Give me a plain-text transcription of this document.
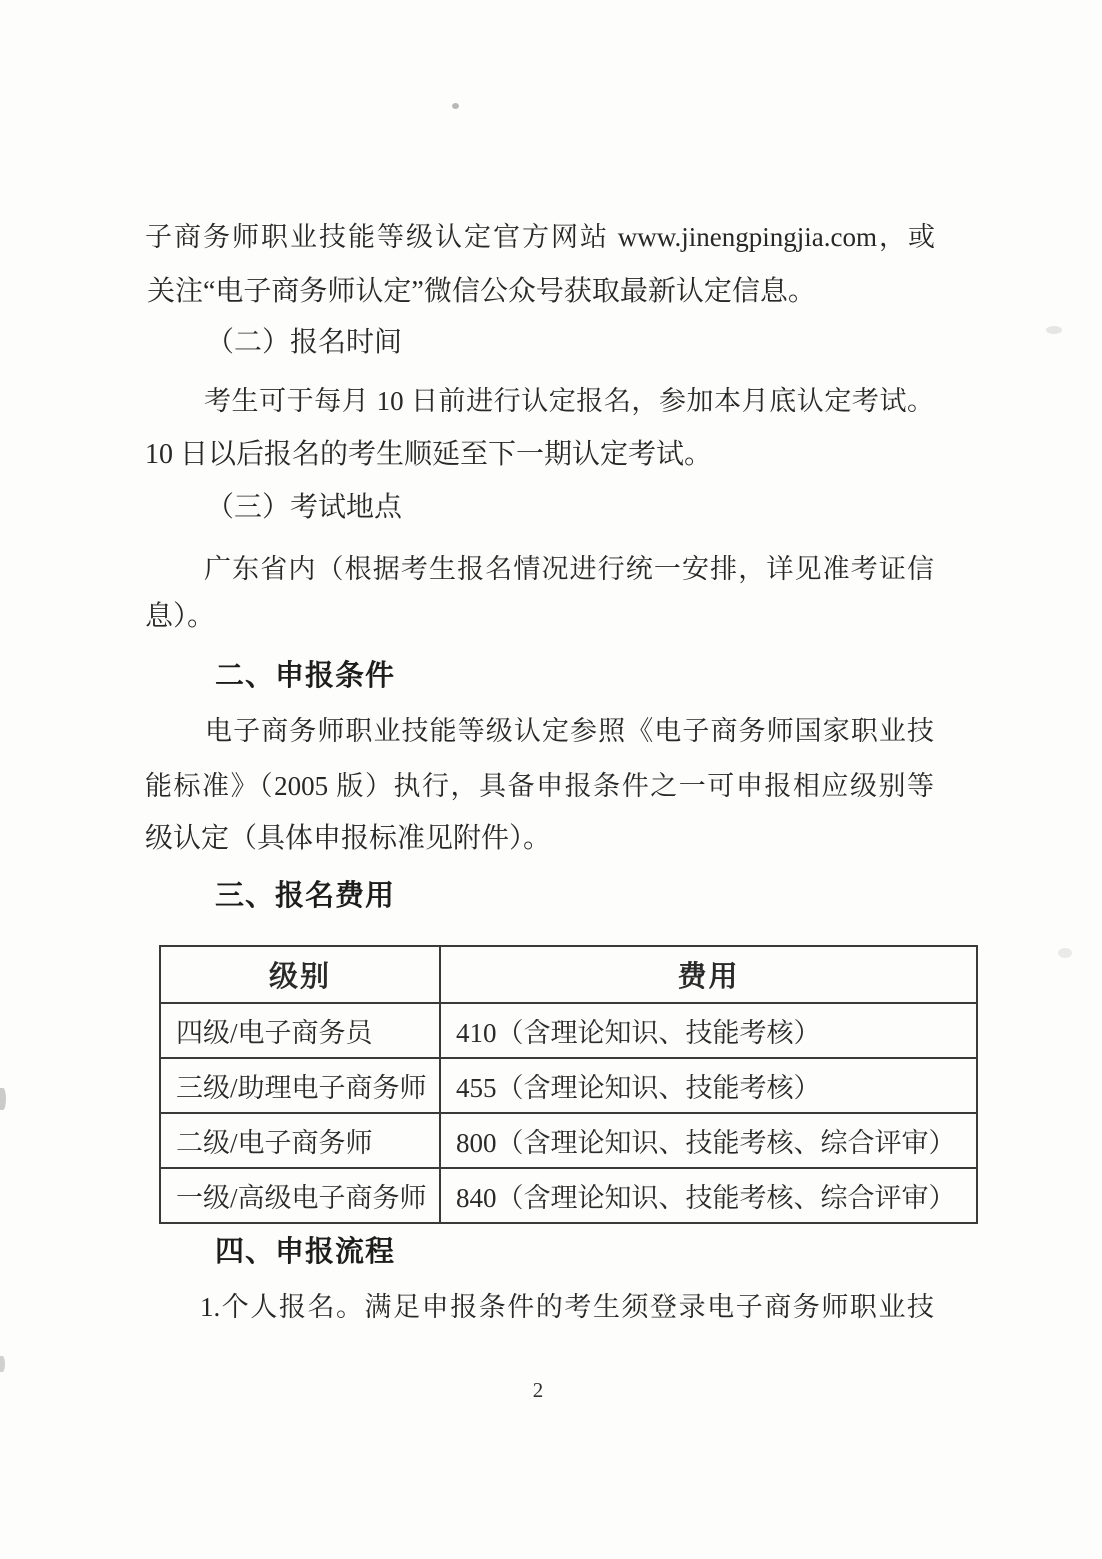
子商务师职业技能等级认定官方网站 www.jinengpingjia.com，或
关注“电子商务师认定”微信公众号获取最新认定信息。
（二）报名时间
考生可于每月 10 日前进行认定报名，参加本月底认定考试。
10 日以后报名的考生顺延至下一期认定考试。
（三）考试地点
广东省内（根据考生报名情况进行统一安排，详见准考证信
息）。
二、申报条件
电子商务师职业技能等级认定参照《电子商务师国家职业技
能标准》（2005 版）执行，具备申报条件之一可申报相应级别等
级认定（具体申报标准见附件）。
三、报名费用
级别	费用
四级/电子商务员	410（含理论知识、技能考核）
三级/助理电子商务师	455（含理论知识、技能考核）
二级/电子商务师	800（含理论知识、技能考核、综合评审）
一级/高级电子商务师	840（含理论知识、技能考核、综合评审）
四、申报流程
1.个人报名。满足申报条件的考生须登录电子商务师职业技
2
